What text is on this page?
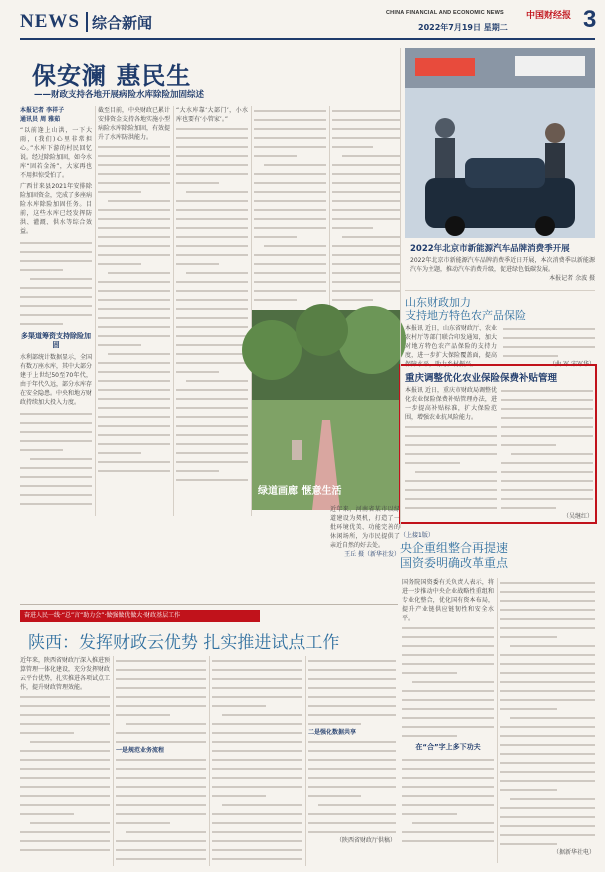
NEWS 综合新闻
CHINA FINANCIAL AND ECONOMIC NEWS 中国财经报
2022年7月19日 星期二	3
保安澜 惠民生
——财政支持各地开展病险水库除险加固综述
本报记者 李祥子
通讯员 周 雅茹

“以前逢上山洪，一下大雨，(我们)心里非常担心。”水库下游的村民回忆说。经过除险加固，如今水库“固若金汤”，大家再也不用担惊受怕了。

广西甘来县2021年安排除险加固资金，完成了多座病险水库除险加固任务。目前，这些水库已经发挥防洪、灌溉、供水等综合效益。

多渠道筹资支持除险加固

水利部统计数据显示，全国有数万座水库，其中大部分建于上世纪50至70年代，由于年代久远，部分水库存在安全隐患。中央和地方财政持续加大投入力度。

截至目前，中央财政已累计安排资金支持各地实施小型病险水库除险加固，有效提升了水库防洪能力。

“大水库靠‘大部门’，小水库也要有‘小管家’。”

绿道画廊 惬意生活
近年来，河南省某市以绿道建设为契机，打造了一批环境优美、功能完善的休闲场所，为市民提供了亲近自然的好去处。
王丘 摄（新华社发）
2022年北京市新能源汽车品牌消费季开展
2022年北京市新能源汽车品牌消费季近日开展，本次消费季以新能源汽车为主题，推动汽车消费升级，促进绿色低碳发展。
本报记者 余波 摄
山东财政加力
支持地方特色农产品保险
本报讯 近日，山东省财政厅、农业农村厅等部门联合印发通知，加大对地方特色农产品保险的支持力度，进一步扩大保险覆盖面，提高保障水平，助力乡村振兴。	（曲 军 宋军华）
重庆调整优化农业保险保费补贴管理
本报讯 近日，重庆市财政局调整优化农业保险保费补贴管理办法，进一步提高补贴标准，扩大保险范围，增强农业抗风险能力。
（吴继红）
（上接1版）
央企重组整合再提速
国资委明确改革重点
国务院国资委有关负责人表示，将进一步推动中央企业战略性重组和专业化整合，优化国有资本布局，提升产业链供应链韧性和安全水平。
在“合”字上多下功夫
（据新华社电）
奋进人民一线·“总”言“助力会”·做强做优做大·财政基层工作
陕西：发挥财政云优势 扎实推进试点工作
近年来，陕西省财政厅深入推进预算管理一体化建设，充分发挥财政云平台优势，扎实推进各项试点工作，提升财政管理效能。
一是规范业务流程
二是强化数据共享
（陕西省财政厅供稿）
